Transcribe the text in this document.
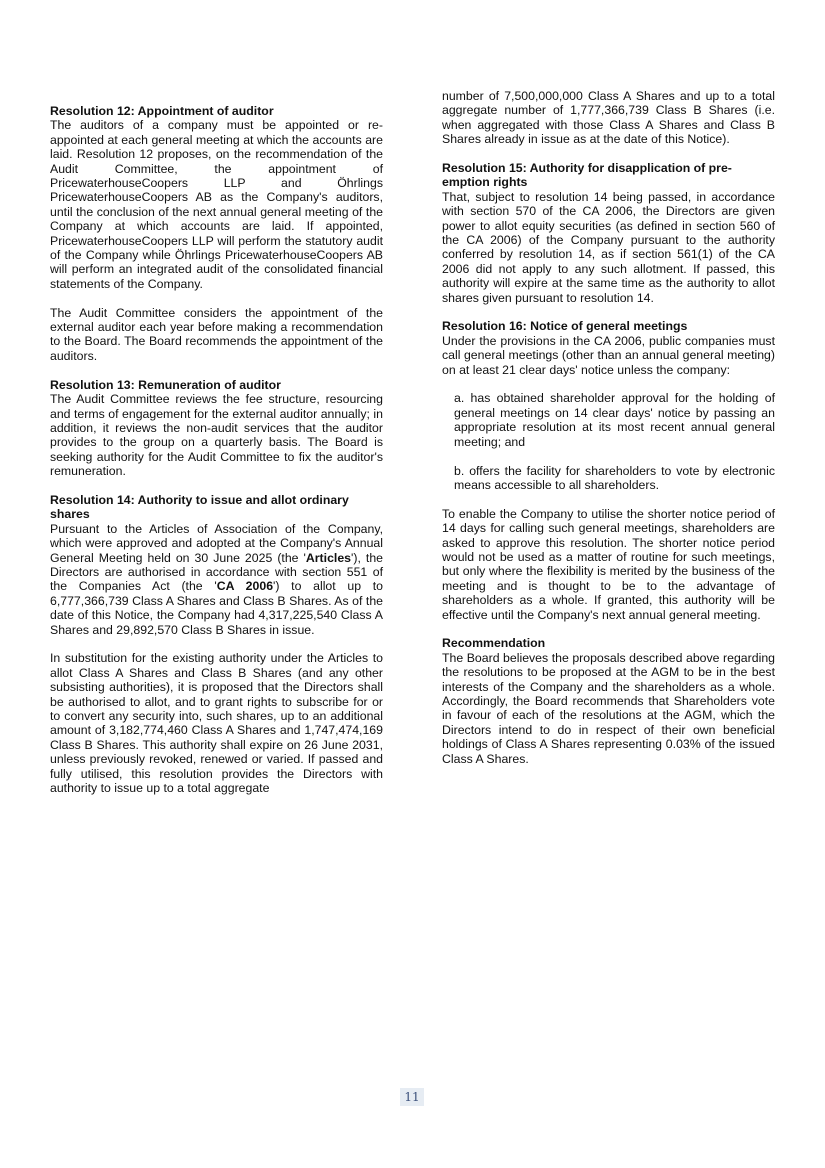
Resolution 12: Appointment of auditor

The auditors of a company must be appointed or re-appointed at each general meeting at which the accounts are laid. Resolution 12 proposes, on the recommendation of the Audit Committee, the appointment of PricewaterhouseCoopers LLP and Öhrlings PricewaterhouseCoopers AB as the Company's auditors, until the conclusion of the next annual general meeting of the Company at which accounts are laid. If appointed, PricewaterhouseCoopers LLP will perform the statutory audit of the Company while Öhrlings PricewaterhouseCoopers AB will perform an integrated audit of the consolidated financial statements of the Company.

The Audit Committee considers the appointment of the external auditor each year before making a recommendation to the Board. The Board recommends the appointment of the auditors.

Resolution 13: Remuneration of auditor

The Audit Committee reviews the fee structure, resourcing and terms of engagement for the external auditor annually; in addition, it reviews the non-audit services that the auditor provides to the group on a quarterly basis. The Board is seeking authority for the Audit Committee to fix the auditor's remuneration.

Resolution 14: Authority to issue and allot ordinary shares

Pursuant to the Articles of Association of the Company, which were approved and adopted at the Company's Annual General Meeting held on 30 June 2025 (the 'Articles'), the Directors are authorised in accordance with section 551 of the Companies Act (the 'CA 2006') to allot up to 6,777,366,739 Class A Shares and Class B Shares. As of the date of this Notice, the Company had 4,317,225,540 Class A Shares and 29,892,570 Class B Shares in issue.

In substitution for the existing authority under the Articles to allot Class A Shares and Class B Shares (and any other subsisting authorities), it is proposed that the Directors shall be authorised to allot, and to grant rights to subscribe for or to convert any security into, such shares, up to an additional amount of 3,182,774,460 Class A Shares and 1,747,474,169 Class B Shares. This authority shall expire on 26 June 2031, unless previously revoked, renewed or varied. If passed and fully utilised, this resolution provides the Directors with authority to issue up to a total aggregate

number of 7,500,000,000 Class A Shares and up to a total aggregate number of 1,777,366,739 Class B Shares (i.e. when aggregated with those Class A Shares and Class B Shares already in issue as at the date of this Notice).

Resolution 15: Authority for disapplication of pre-emption rights

That, subject to resolution 14 being passed, in accordance with section 570 of the CA 2006, the Directors are given power to allot equity securities (as defined in section 560 of the CA 2006) of the Company pursuant to the authority conferred by resolution 14, as if section 561(1) of the CA 2006 did not apply to any such allotment. If passed, this authority will expire at the same time as the authority to allot shares given pursuant to resolution 14.

Resolution 16: Notice of general meetings

Under the provisions in the CA 2006, public companies must call general meetings (other than an annual general meeting) on at least 21 clear days' notice unless the company:

a. has obtained shareholder approval for the holding of general meetings on 14 clear days' notice by passing an appropriate resolution at its most recent annual general meeting; and

b. offers the facility for shareholders to vote by electronic means accessible to all shareholders.

To enable the Company to utilise the shorter notice period of 14 days for calling such general meetings, shareholders are asked to approve this resolution. The shorter notice period would not be used as a matter of routine for such meetings, but only where the flexibility is merited by the business of the meeting and is thought to be to the advantage of shareholders as a whole. If granted, this authority will be effective until the Company's next annual general meeting.

Recommendation

The Board believes the proposals described above regarding the resolutions to be proposed at the AGM to be in the best interests of the Company and the shareholders as a whole. Accordingly, the Board recommends that Shareholders vote in favour of each of the resolutions at the AGM, which the Directors intend to do in respect of their own beneficial holdings of Class A Shares representing 0.03% of the issued Class A Shares.

11
